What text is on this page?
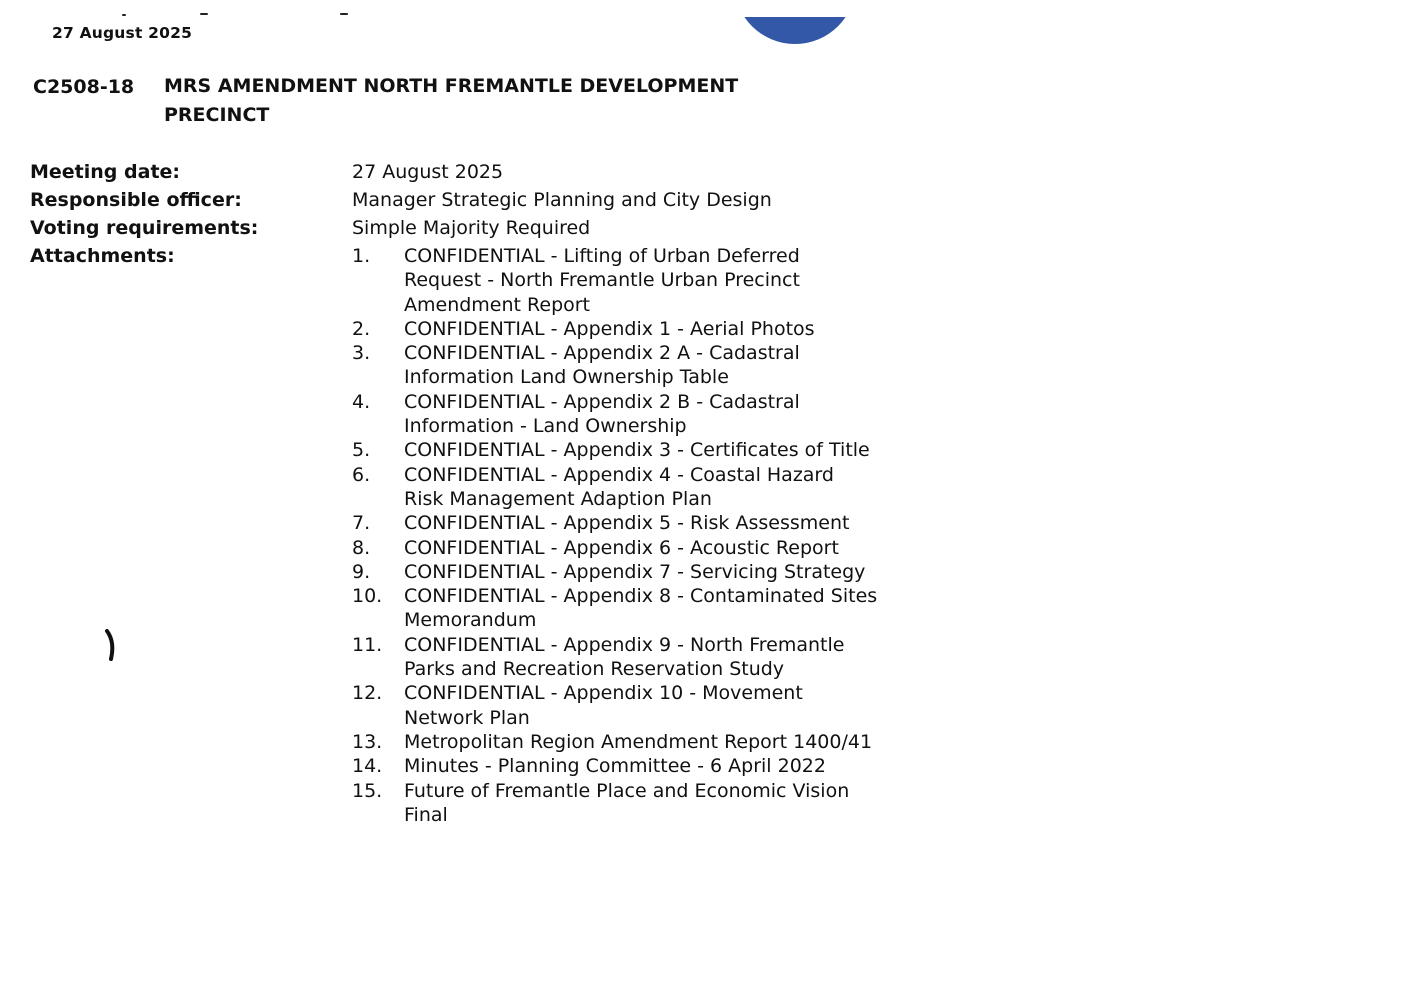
27 August 2025
C2508-18 MRS AMENDMENT NORTH FREMANTLE DEVELOPMENT PRECINCT
Meeting date:	27 August 2025
Responsible officer:	Manager Strategic Planning and City Design
Voting requirements:	Simple Majority Required
Attachments:	1. CONFIDENTIAL - Lifting of Urban Deferred Request - North Fremantle Urban Precinct Amendment Report
2. CONFIDENTIAL - Appendix 1 - Aerial Photos
3. CONFIDENTIAL - Appendix 2 A - Cadastral Information Land Ownership Table
4. CONFIDENTIAL - Appendix 2 B - Cadastral Information - Land Ownership
5. CONFIDENTIAL - Appendix 3 - Certificates of Title
6. CONFIDENTIAL - Appendix 4 - Coastal Hazard Risk Management Adaption Plan
7. CONFIDENTIAL - Appendix 5 - Risk Assessment
8. CONFIDENTIAL - Appendix 6 - Acoustic Report
9. CONFIDENTIAL - Appendix 7 - Servicing Strategy
10. CONFIDENTIAL - Appendix 8 - Contaminated Sites Memorandum
11. CONFIDENTIAL - Appendix 9 - North Fremantle Parks and Recreation Reservation Study
12. CONFIDENTIAL - Appendix 10 - Movement Network Plan
13. Metropolitan Region Amendment Report 1400/41
14. Minutes - Planning Committee - 6 April 2022
15. Future of Fremantle Place and Economic Vision Final
